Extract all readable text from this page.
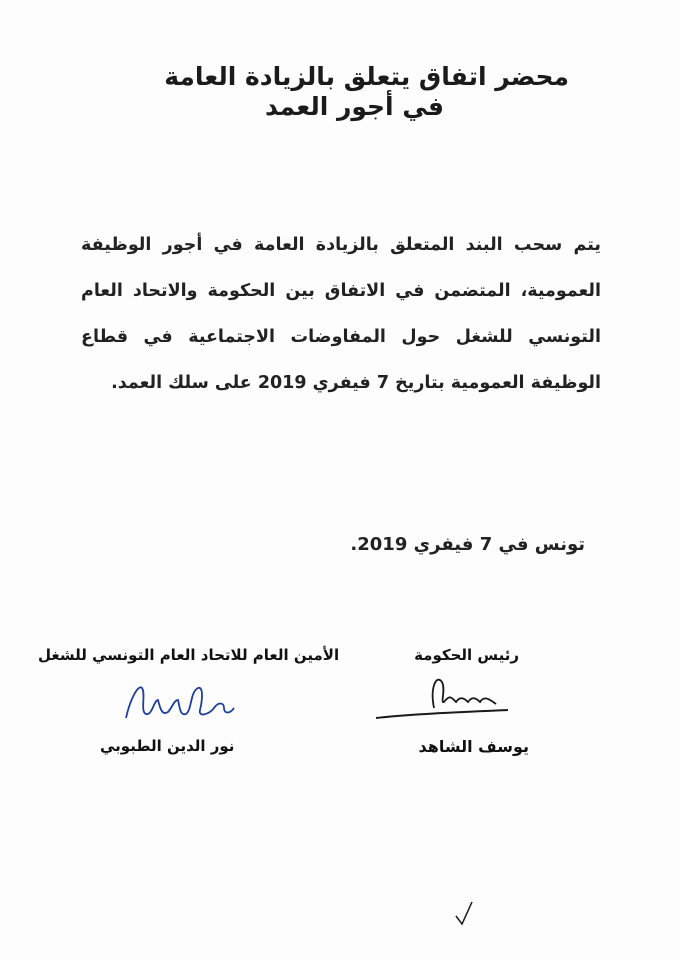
محضر اتفاق يتعلق بالزيادة العامة
في أجور العمد
يتم سحب البند المتعلق بالزيادة العامة في أجور الوظيفة العمومية، المتضمن في الاتفاق بين الحكومة والاتحاد العام التونسي للشغل حول المفاوضات الاجتماعية في قطاع الوظيفة العمومية بتاريخ 7 فيفري 2019 على سلك العمد.
تونس في 7 فيفري 2019.
رئيس الحكومة
يوسف الشاهد
الأمين العام للاتحاد العام التونسي للشغل
نور الدين الطبوبي
